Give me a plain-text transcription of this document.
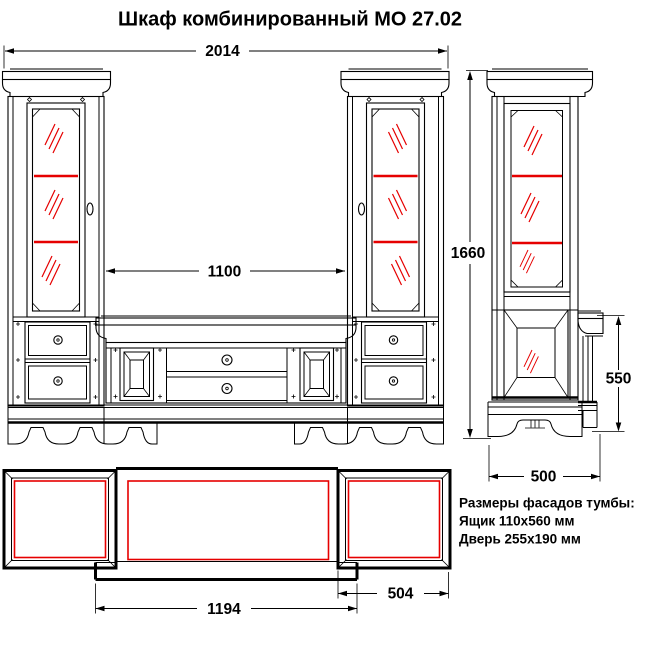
Шкаф комбинированный МО 27.02
2014
1100
1660
550
500
1194
504
Размеры фасадов тумбы:
Ящик 110х560 мм
Дверь 255х190 мм
